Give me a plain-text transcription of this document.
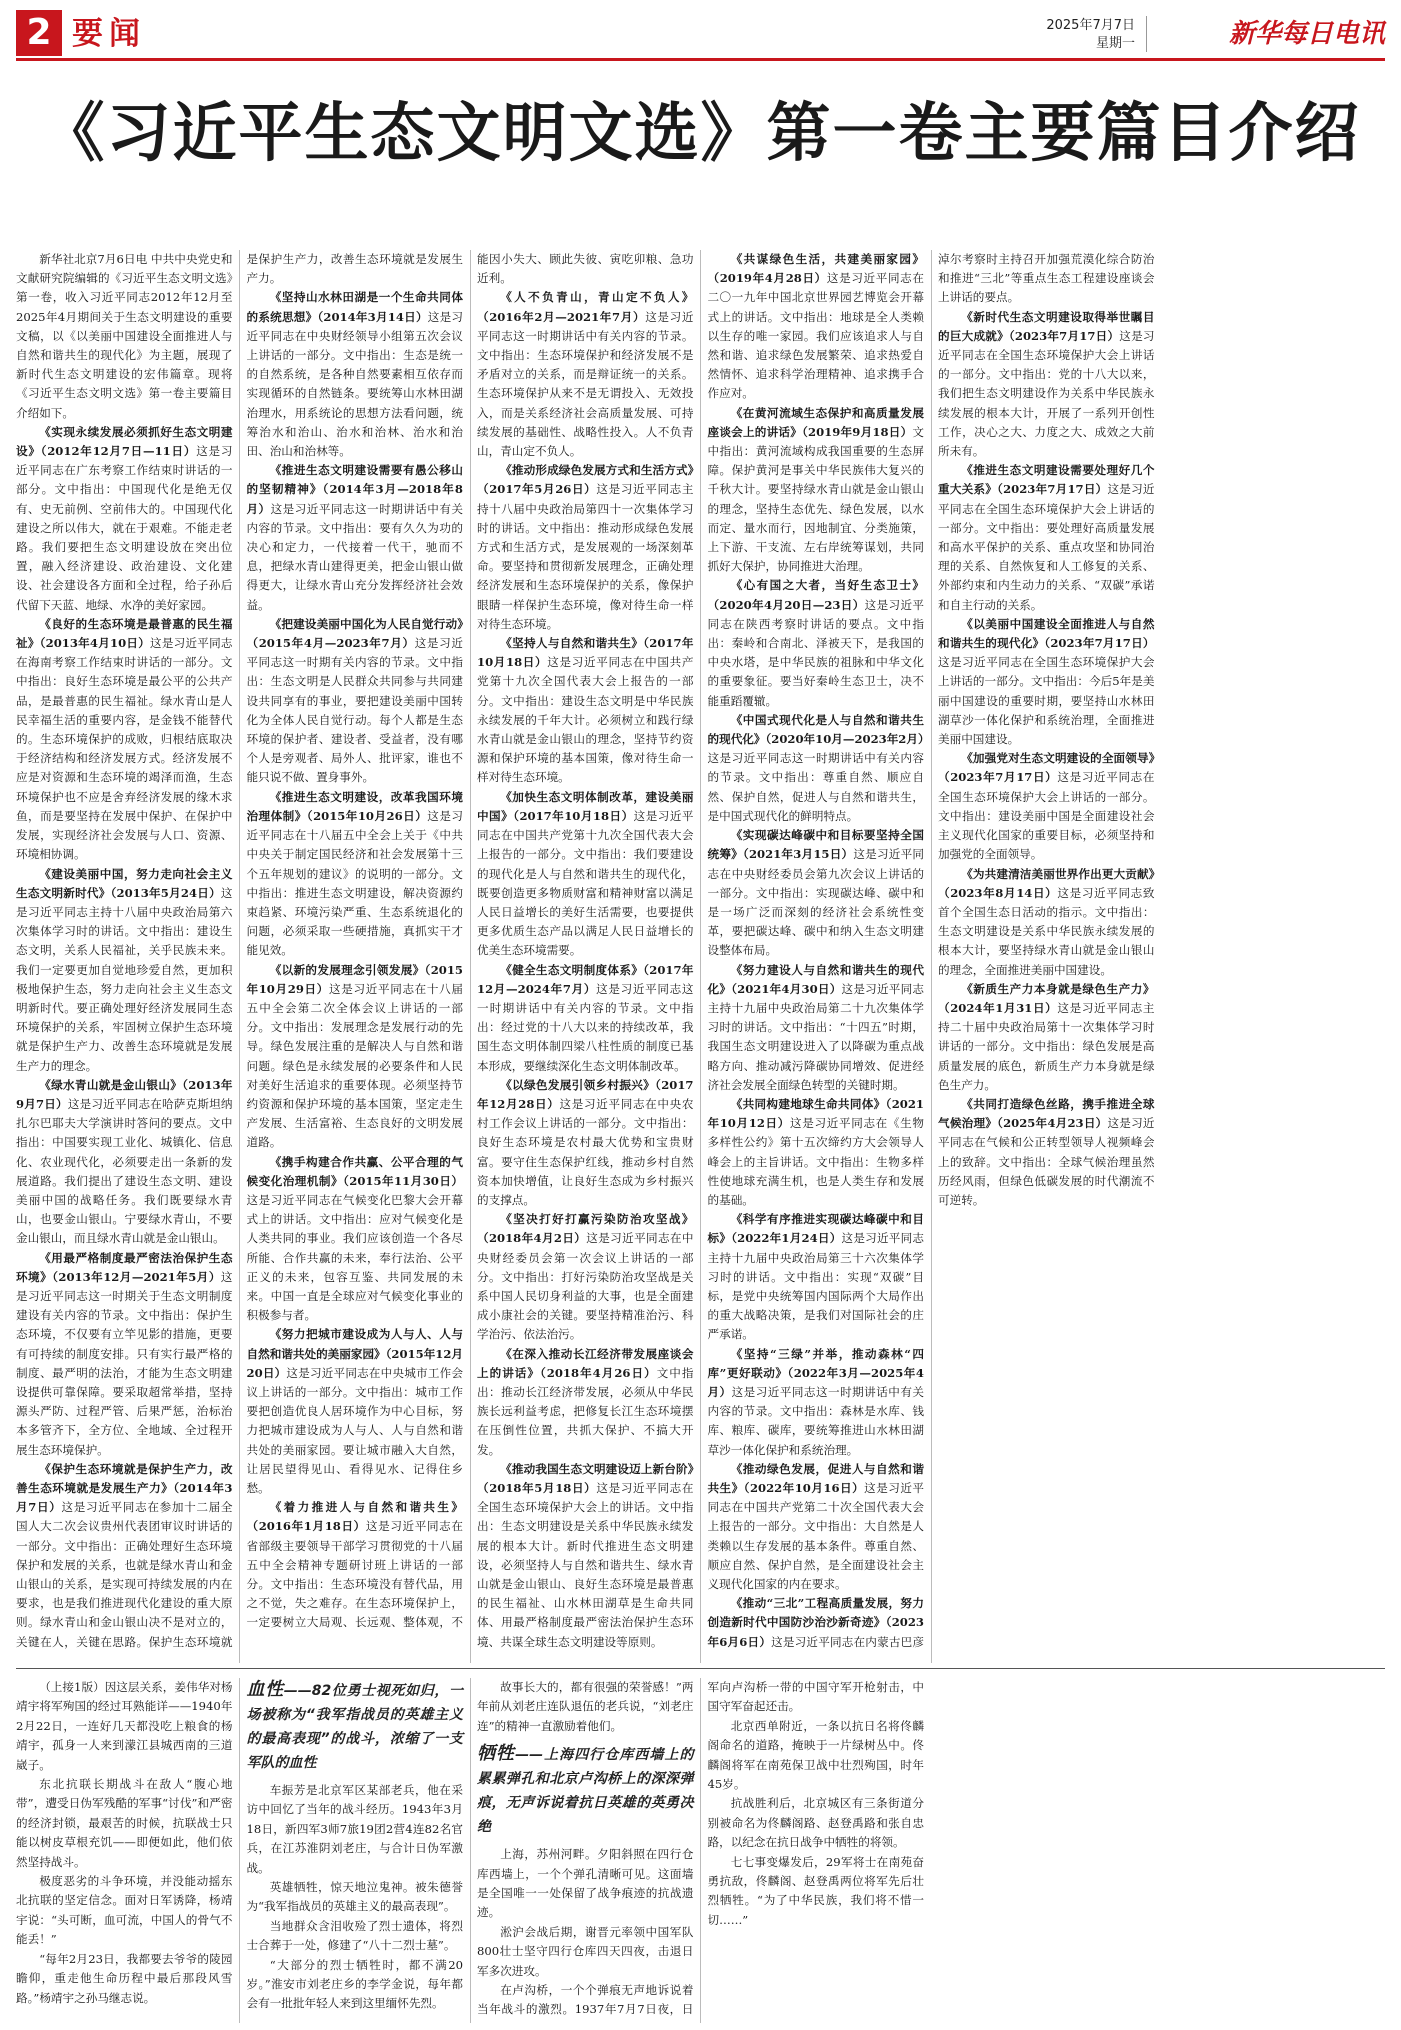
2 要闻	2025年7月7日
星期一	新华每日电讯
《习近平生态文明文选》第一卷主要篇目介绍

新华社北京7月6日电 中共中央党史和文献研究院编辑的《习近平生态文明文选》第一卷，收入习近平同志2012年12月至2025年4月期间关于生态文明建设的重要文稿，以《以美丽中国建设全面推进人与自然和谐共生的现代化》为主题，展现了新时代生态文明建设的宏伟篇章。现将《习近平生态文明文选》第一卷主要篇目介绍如下。

《实现永续发展必须抓好生态文明建设》（2012年12月7日—11日）这是习近平同志在广东考察工作结束时讲话的一部分。文中指出：中国现代化是绝无仅有、史无前例、空前伟大的。中国现代化建设之所以伟大，就在于艰难。不能走老路。我们要把生态文明建设放在突出位置，融入经济建设、政治建设、文化建设、社会建设各方面和全过程，给子孙后代留下天蓝、地绿、水净的美好家园。

《良好的生态环境是最普惠的民生福祉》（2013年4月10日）这是习近平同志在海南考察工作结束时讲话的一部分。文中指出：良好生态环境是最公平的公共产品，是最普惠的民生福祉。绿水青山是人民幸福生活的重要内容，是金钱不能替代的。生态环境保护的成败，归根结底取决于经济结构和经济发展方式。经济发展不应是对资源和生态环境的竭泽而渔，生态环境保护也不应是舍弃经济发展的缘木求鱼，而是要坚持在发展中保护、在保护中发展，实现经济社会发展与人口、资源、环境相协调。

《建设美丽中国，努力走向社会主义生态文明新时代》（2013年5月24日）这是习近平同志主持十八届中央政治局第六次集体学习时的讲话。文中指出：建设生态文明，关系人民福祉，关乎民族未来。我们一定要更加自觉地珍爱自然，更加积极地保护生态，努力走向社会主义生态文明新时代。要正确处理好经济发展同生态环境保护的关系，牢固树立保护生态环境就是保护生产力、改善生态环境就是发展生产力的理念。

《绿水青山就是金山银山》（2013年9月7日）这是习近平同志在哈萨克斯坦纳扎尔巴耶夫大学演讲时答问的要点。文中指出：中国要实现工业化、城镇化、信息化、农业现代化，必须要走出一条新的发展道路。我们提出了建设生态文明、建设美丽中国的战略任务。我们既要绿水青山，也要金山银山。宁要绿水青山，不要金山银山，而且绿水青山就是金山银山。

《用最严格制度最严密法治保护生态环境》（2013年12月—2021年5月）这是习近平同志这一时期关于生态文明制度建设有关内容的节录。文中指出：保护生态环境，不仅要有立竿见影的措施，更要有可持续的制度安排。只有实行最严格的制度、最严明的法治，才能为生态文明建设提供可靠保障。要采取超常举措，坚持源头严防、过程严管、后果严惩，治标治本多管齐下，全方位、全地域、全过程开展生态环境保护。

《保护生态环境就是保护生产力，改善生态环境就是发展生产力》（2014年3月7日）这是习近平同志在参加十二届全国人大二次会议贵州代表团审议时讲话的一部分。文中指出：正确处理好生态环境保护和发展的关系，也就是绿水青山和金山银山的关系，是实现可持续发展的内在要求，也是我们推进现代化建设的重大原则。绿水青山和金山银山决不是对立的，关键在人，关键在思路。保护生态环境就是保护生产力，改善生态环境就是发展生产力。

《坚持山水林田湖是一个生命共同体的系统思想》（2014年3月14日）这是习近平同志在中央财经领导小组第五次会议上讲话的一部分。文中指出：生态是统一的自然系统，是各种自然要素相互依存而实现循环的自然链条。要统筹山水林田湖治理水，用系统论的思想方法看问题，统筹治水和治山、治水和治林、治水和治田、治山和治林等。

《推进生态文明建设需要有愚公移山的坚韧精神》（2014年3月—2018年8月）这是习近平同志这一时期讲话中有关内容的节录。文中指出：要有久久为功的决心和定力，一代接着一代干，驰而不息，把绿水青山建得更美，把金山银山做得更大，让绿水青山充分发挥经济社会效益。

《把建设美丽中国化为人民自觉行动》（2015年4月—2023年7月）这是习近平同志这一时期有关内容的节录。文中指出：生态文明是人民群众共同参与共同建设共同享有的事业，要把建设美丽中国转化为全体人民自觉行动。每个人都是生态环境的保护者、建设者、受益者，没有哪个人是旁观者、局外人、批评家，谁也不能只说不做、置身事外。

《推进生态文明建设，改革我国环境治理体制》（2015年10月26日）这是习近平同志在十八届五中全会上关于《中共中央关于制定国民经济和社会发展第十三个五年规划的建议》的说明的一部分。文中指出：推进生态文明建设，解决资源约束趋紧、环境污染严重、生态系统退化的问题，必须采取一些硬措施，真抓实干才能见效。

《以新的发展理念引领发展》（2015年10月29日）这是习近平同志在十八届五中全会第二次全体会议上讲话的一部分。文中指出：发展理念是发展行动的先导。绿色发展注重的是解决人与自然和谐问题。绿色是永续发展的必要条件和人民对美好生活追求的重要体现。必须坚持节约资源和保护环境的基本国策，坚定走生产发展、生活富裕、生态良好的文明发展道路。

《携手构建合作共赢、公平合理的气候变化治理机制》（2015年11月30日）这是习近平同志在气候变化巴黎大会开幕式上的讲话。文中指出：应对气候变化是人类共同的事业。我们应该创造一个各尽所能、合作共赢的未来，奉行法治、公平正义的未来，包容互鉴、共同发展的未来。中国一直是全球应对气候变化事业的积极参与者。

《努力把城市建设成为人与人、人与自然和谐共处的美丽家园》（2015年12月20日）这是习近平同志在中央城市工作会议上讲话的一部分。文中指出：城市工作要把创造优良人居环境作为中心目标，努力把城市建设成为人与人、人与自然和谐共处的美丽家园。要让城市融入大自然，让居民望得见山、看得见水、记得住乡愁。

《着力推进人与自然和谐共生》（2016年1月18日）这是习近平同志在省部级主要领导干部学习贯彻党的十八届五中全会精神专题研讨班上讲话的一部分。文中指出：生态环境没有替代品，用之不觉，失之难存。在生态环境保护上，一定要树立大局观、长远观、整体观，不能因小失大、顾此失彼、寅吃卯粮、急功近利。

《人不负青山，青山定不负人》（2016年2月—2021年7月）这是习近平同志这一时期讲话中有关内容的节录。文中指出：生态环境保护和经济发展不是矛盾对立的关系，而是辩证统一的关系。生态环境保护从来不是无谓投入、无效投入，而是关系经济社会高质量发展、可持续发展的基础性、战略性投入。人不负青山，青山定不负人。

《推动形成绿色发展方式和生活方式》（2017年5月26日）这是习近平同志主持十八届中央政治局第四十一次集体学习时的讲话。文中指出：推动形成绿色发展方式和生活方式，是发展观的一场深刻革命。要坚持和贯彻新发展理念，正确处理经济发展和生态环境保护的关系，像保护眼睛一样保护生态环境，像对待生命一样对待生态环境。

《坚持人与自然和谐共生》（2017年10月18日）这是习近平同志在中国共产党第十九次全国代表大会上报告的一部分。文中指出：建设生态文明是中华民族永续发展的千年大计。必须树立和践行绿水青山就是金山银山的理念，坚持节约资源和保护环境的基本国策，像对待生命一样对待生态环境。

《加快生态文明体制改革，建设美丽中国》（2017年10月18日）这是习近平同志在中国共产党第十九次全国代表大会上报告的一部分。文中指出：我们要建设的现代化是人与自然和谐共生的现代化，既要创造更多物质财富和精神财富以满足人民日益增长的美好生活需要，也要提供更多优质生态产品以满足人民日益增长的优美生态环境需要。

《健全生态文明制度体系》（2017年12月—2024年7月）这是习近平同志这一时期讲话中有关内容的节录。文中指出：经过党的十八大以来的持续改革，我国生态文明体制四梁八柱性质的制度已基本形成，要继续深化生态文明体制改革。

《以绿色发展引领乡村振兴》（2017年12月28日）这是习近平同志在中央农村工作会议上讲话的一部分。文中指出：良好生态环境是农村最大优势和宝贵财富。要守住生态保护红线，推动乡村自然资本加快增值，让良好生态成为乡村振兴的支撑点。

《坚决打好打赢污染防治攻坚战》（2018年4月2日）这是习近平同志在中央财经委员会第一次会议上讲话的一部分。文中指出：打好污染防治攻坚战是关系中国人民切身利益的大事，也是全面建成小康社会的关键。要坚持精准治污、科学治污、依法治污。

《在深入推动长江经济带发展座谈会上的讲话》（2018年4月26日）文中指出：推动长江经济带发展，必须从中华民族长远利益考虑，把修复长江生态环境摆在压倒性位置，共抓大保护、不搞大开发。

《推动我国生态文明建设迈上新台阶》（2018年5月18日）这是习近平同志在全国生态环境保护大会上的讲话。文中指出：生态文明建设是关系中华民族永续发展的根本大计。新时代推进生态文明建设，必须坚持人与自然和谐共生、绿水青山就是金山银山、良好生态环境是最普惠的民生福祉、山水林田湖草是生命共同体、用最严格制度最严密法治保护生态环境、共谋全球生态文明建设等原则。

《共谋绿色生活，共建美丽家园》（2019年4月28日）这是习近平同志在二〇一九年中国北京世界园艺博览会开幕式上的讲话。文中指出：地球是全人类赖以生存的唯一家园。我们应该追求人与自然和谐、追求绿色发展繁荣、追求热爱自然情怀、追求科学治理精神、追求携手合作应对。

《在黄河流域生态保护和高质量发展座谈会上的讲话》（2019年9月18日）文中指出：黄河流域构成我国重要的生态屏障。保护黄河是事关中华民族伟大复兴的千秋大计。要坚持绿水青山就是金山银山的理念，坚持生态优先、绿色发展，以水而定、量水而行，因地制宜、分类施策，上下游、干支流、左右岸统筹谋划，共同抓好大保护，协同推进大治理。

《心有国之大者，当好生态卫士》（2020年4月20日—23日）这是习近平同志在陕西考察时讲话的要点。文中指出：秦岭和合南北、泽被天下，是我国的中央水塔，是中华民族的祖脉和中华文化的重要象征。要当好秦岭生态卫士，决不能重蹈覆辙。

《中国式现代化是人与自然和谐共生的现代化》（2020年10月—2023年2月）这是习近平同志这一时期讲话中有关内容的节录。文中指出：尊重自然、顺应自然、保护自然，促进人与自然和谐共生，是中国式现代化的鲜明特点。

《实现碳达峰碳中和目标要坚持全国统筹》（2021年3月15日）这是习近平同志在中央财经委员会第九次会议上讲话的一部分。文中指出：实现碳达峰、碳中和是一场广泛而深刻的经济社会系统性变革，要把碳达峰、碳中和纳入生态文明建设整体布局。

《努力建设人与自然和谐共生的现代化》（2021年4月30日）这是习近平同志主持十九届中央政治局第二十九次集体学习时的讲话。文中指出：“十四五”时期，我国生态文明建设进入了以降碳为重点战略方向、推动减污降碳协同增效、促进经济社会发展全面绿色转型的关键时期。

《共同构建地球生命共同体》（2021年10月12日）这是习近平同志在《生物多样性公约》第十五次缔约方大会领导人峰会上的主旨讲话。文中指出：生物多样性使地球充满生机，也是人类生存和发展的基础。

《科学有序推进实现碳达峰碳中和目标》（2022年1月24日）这是习近平同志主持十九届中央政治局第三十六次集体学习时的讲话。文中指出：实现“双碳”目标，是党中央统筹国内国际两个大局作出的重大战略决策，是我们对国际社会的庄严承诺。

《坚持“三绿”并举，推动森林“四库”更好联动》（2022年3月—2025年4月）这是习近平同志这一时期讲话中有关内容的节录。文中指出：森林是水库、钱库、粮库、碳库，要统筹推进山水林田湖草沙一体化保护和系统治理。

《推动绿色发展，促进人与自然和谐共生》（2022年10月16日）这是习近平同志在中国共产党第二十次全国代表大会上报告的一部分。文中指出：大自然是人类赖以生存发展的基本条件。尊重自然、顺应自然、保护自然，是全面建设社会主义现代化国家的内在要求。

《推动“三北”工程高质量发展，努力创造新时代中国防沙治沙新奇迹》（2023年6月6日）这是习近平同志在内蒙古巴彦淖尔考察时主持召开加强荒漠化综合防治和推进“三北”等重点生态工程建设座谈会上讲话的要点。

《新时代生态文明建设取得举世瞩目的巨大成就》（2023年7月17日）这是习近平同志在全国生态环境保护大会上讲话的一部分。文中指出：党的十八大以来，我们把生态文明建设作为关系中华民族永续发展的根本大计，开展了一系列开创性工作，决心之大、力度之大、成效之大前所未有。

《推进生态文明建设需要处理好几个重大关系》（2023年7月17日）这是习近平同志在全国生态环境保护大会上讲话的一部分。文中指出：要处理好高质量发展和高水平保护的关系、重点攻坚和协同治理的关系、自然恢复和人工修复的关系、外部约束和内生动力的关系、“双碳”承诺和自主行动的关系。

《以美丽中国建设全面推进人与自然和谐共生的现代化》（2023年7月17日）这是习近平同志在全国生态环境保护大会上讲话的一部分。文中指出：今后5年是美丽中国建设的重要时期，要坚持山水林田湖草沙一体化保护和系统治理，全面推进美丽中国建设。

《加强党对生态文明建设的全面领导》（2023年7月17日）这是习近平同志在全国生态环境保护大会上讲话的一部分。文中指出：建设美丽中国是全面建设社会主义现代化国家的重要目标，必须坚持和加强党的全面领导。

《为共建清洁美丽世界作出更大贡献》（2023年8月14日）这是习近平同志致首个全国生态日活动的指示。文中指出：生态文明建设是关系中华民族永续发展的根本大计，要坚持绿水青山就是金山银山的理念，全面推进美丽中国建设。

《新质生产力本身就是绿色生产力》（2024年1月31日）这是习近平同志主持二十届中央政治局第十一次集体学习时讲话的一部分。文中指出：绿色发展是高质量发展的底色，新质生产力本身就是绿色生产力。

《共同打造绿色丝路，携手推进全球气候治理》（2025年4月23日）这是习近平同志在气候和公正转型领导人视频峰会上的致辞。文中指出：全球气候治理虽然历经风雨，但绿色低碳发展的时代潮流不可逆转。

（上接1版）因这层关系，姜伟华对杨靖宇将军殉国的经过耳熟能详——1940年2月22日，一连好几天都没吃上粮食的杨靖宇，孤身一人来到濛江县城西南的三道崴子。

东北抗联长期战斗在敌人“腹心地带”，遭受日伪军残酷的军事“讨伐”和严密的经济封锁，最艰苦的时候，抗联战士只能以树皮草根充饥——即便如此，他们依然坚持战斗。

极度恶劣的斗争环境，并没能动摇东北抗联的坚定信念。面对日军诱降，杨靖宇说：“头可断，血可流，中国人的骨气不能丢！”

“每年2月23日，我都要去爷爷的陵园瞻仰，重走他生命历程中最后那段风雪路。”杨靖宇之孙马继志说。

血性——82位勇士视死如归，一场被称为“我军指战员的英雄主义的最高表现”的战斗，浓缩了一支军队的血性

车振芳是北京军区某部老兵，他在采访中回忆了当年的战斗经历。1943年3月18日，新四军3师7旅19团2营4连82名官兵，在江苏淮阴刘老庄，与合计日伪军激战。

英雄牺牲，惊天地泣鬼神。被朱德誉为“我军指战员的英雄主义的最高表现”。

当地群众含泪收殓了烈士遗体，将烈士合葬于一处，修建了“八十二烈士墓”。

“大部分的烈士牺牲时，都不满20岁。”淮安市刘老庄乡的李学金说，每年都会有一批批年轻人来到这里缅怀先烈。

故事长大的，都有很强的荣誉感！”两年前从刘老庄连队退伍的老兵说，“刘老庄连”的精神一直激励着他们。

牺牲——上海四行仓库西墙上的累累弹孔和北京卢沟桥上的深深弹痕，无声诉说着抗日英雄的英勇决绝

上海，苏州河畔。夕阳斜照在四行仓库西墙上，一个个弹孔清晰可见。这面墙是全国唯一一处保留了战争痕迹的抗战遗迹。

淞沪会战后期，谢晋元率领中国军队800壮士坚守四行仓库四天四夜，击退日军多次进攻。

在卢沟桥，一个个弹痕无声地诉说着当年战斗的激烈。1937年7月7日夜，日军向卢沟桥一带的中国守军开枪射击，中国守军奋起还击。

北京西单附近，一条以抗日名将佟麟阁命名的道路，掩映于一片绿树丛中。佟麟阁将军在南苑保卫战中壮烈殉国，时年45岁。

抗战胜利后，北京城区有三条街道分别被命名为佟麟阁路、赵登禹路和张自忠路，以纪念在抗日战争中牺牲的将领。

七七事变爆发后，29军将士在南苑奋勇抗敌，佟麟阁、赵登禹两位将军先后壮烈牺牲。“为了中华民族，我们将不惜一切……”
